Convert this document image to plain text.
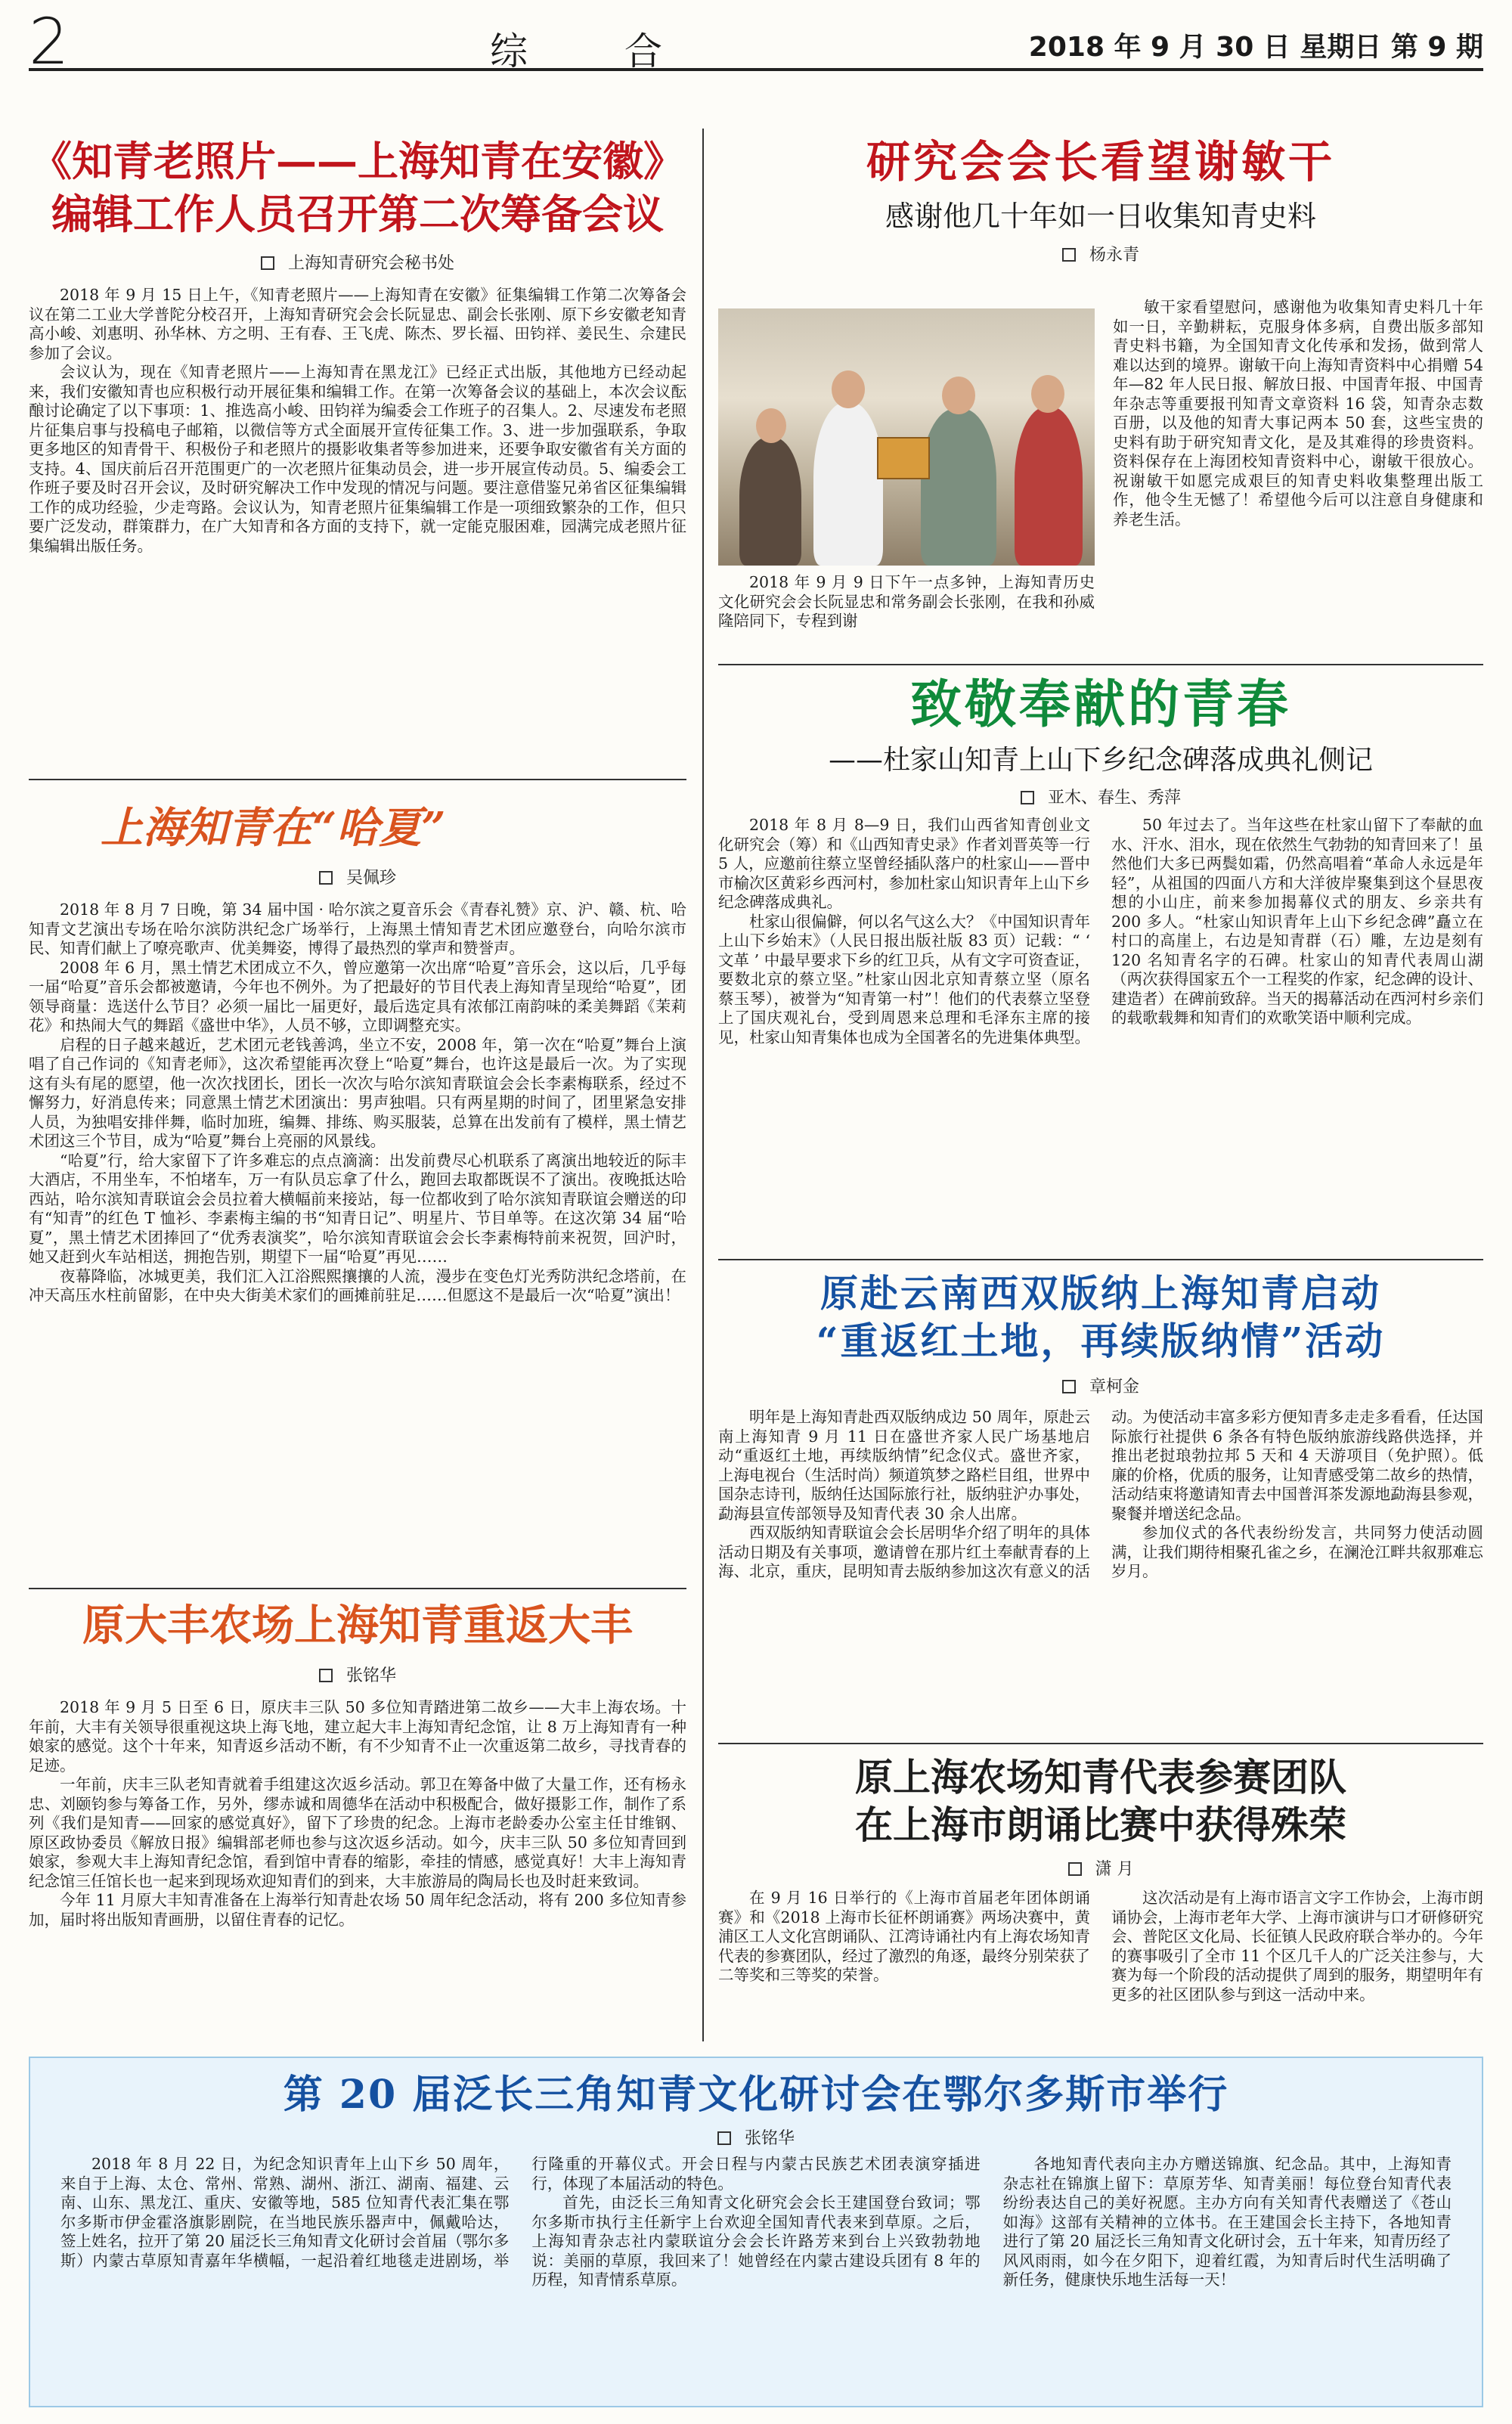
2	综 合	2018 年 9 月 30 日 星期日 第 9 期
《知青老照片——上海知青在安徽》
编辑工作人员召开第二次筹备会议
上海知青研究会秘书处

2018 年 9 月 15 日上午，《知青老照片——上海知青在安徽》征集编辑工作第二次筹备会议在第二工业大学普陀分校召开，上海知青研究会会长阮显忠、副会长张刚、原下乡安徽老知青高小峻、刘惠明、孙华林、方之明、王有春、王飞虎、陈杰、罗长福、田钧祥、姜民生、佘建民参加了会议。

会议认为，现在《知青老照片——上海知青在黑龙江》已经正式出版，其他地方已经动起来，我们安徽知青也应积极行动开展征集和编辑工作。在第一次筹备会议的基础上，本次会议酝酿讨论确定了以下事项：1、推选高小峻、田钧祥为编委会工作班子的召集人。2、尽速发布老照片征集启事与投稿电子邮箱，以微信等方式全面展开宣传征集工作。3、进一步加强联系，争取更多地区的知青骨干、积极份子和老照片的摄影收集者等参加进来，还要争取安徽省有关方面的支持。4、国庆前后召开范围更广的一次老照片征集动员会，进一步开展宣传动员。5、编委会工作班子要及时召开会议，及时研究解决工作中发现的情况与问题。要注意借鉴兄弟省区征集编辑工作的成功经验，少走弯路。会议认为，知青老照片征集编辑工作是一项细致繁杂的工作，但只要广泛发动，群策群力，在广大知青和各方面的支持下，就一定能克服困难，园满完成老照片征集编辑出版任务。

上海知青在“哈夏”
吴佩珍

2018 年 8 月 7 日晚，第 34 届中国 · 哈尔滨之夏音乐会《青春礼赞》京、沪、赣、杭、哈知青文艺演出专场在哈尔滨防洪纪念广场举行，上海黑土情知青艺术团应邀登台，向哈尔滨市民、知青们献上了嘹亮歌声、优美舞姿，博得了最热烈的掌声和赞誉声。

2008 年 6 月，黑土情艺术团成立不久，曾应邀第一次出席“哈夏”音乐会，这以后，几乎每一届“哈夏”音乐会都被邀请，今年也不例外。为了把最好的节目代表上海知青呈现给“哈夏”，团领导商量：选送什么节目？必须一届比一届更好，最后选定具有浓郁江南韵味的柔美舞蹈《茉莉花》和热闹大气的舞蹈《盛世中华》，人员不够，立即调整充实。

启程的日子越来越近，艺术团元老钱善鸿，坐立不安，2008 年，第一次在“哈夏”舞台上演唱了自己作词的《知青老师》，这次希望能再次登上“哈夏”舞台，也许这是最后一次。为了实现这有头有尾的愿望，他一次次找团长，团长一次次与哈尔滨知青联谊会会长李素梅联系，经过不懈努力，好消息传来；同意黑土情艺术团演出：男声独唱。只有两星期的时间了，团里紧急安排人员，为独唱安排伴舞，临时加班，编舞、排练、购买服装，总算在出发前有了模样，黑土情艺术团这三个节目，成为“哈夏”舞台上亮丽的风景线。

“哈夏”行，给大家留下了许多难忘的点点滴滴：出发前费尽心机联系了离演出地较近的际丰大酒店，不用坐车，不怕堵车，万一有队员忘拿了什么，跑回去取都既误不了演出。夜晚抵达哈西站，哈尔滨知青联谊会会员拉着大横幅前来接站，每一位都收到了哈尔滨知青联谊会赠送的印有“知青”的红色 T 恤衫、李素梅主编的书“知青日记”、明星片、节目单等。在这次第 34 届“哈夏”，黑土情艺术团捧回了“优秀表演奖”，哈尔滨知青联谊会会长李素梅特前来祝贺，回沪时，她又赶到火车站相送，拥抱告别，期望下一届“哈夏”再见……

夜幕降临，冰城更美，我们汇入江浴熙熙攘攘的人流，漫步在变色灯光秀防洪纪念塔前，在冲天高压水柱前留影，在中央大街美术家们的画摊前驻足……但愿这不是最后一次“哈夏”演出！

原大丰农场上海知青重返大丰
张铭华

2018 年 9 月 5 日至 6 日，原庆丰三队 50 多位知青踏进第二故乡——大丰上海农场。十年前，大丰有关领导很重视这块上海飞地，建立起大丰上海知青纪念馆，让 8 万上海知青有一种娘家的感觉。这个十年来，知青返乡活动不断，有不少知青不止一次重返第二故乡，寻找青春的足迹。

一年前，庆丰三队老知青就着手组建这次返乡活动。郭卫在筹备中做了大量工作，还有杨永忠、刘颐钧参与筹备工作，另外，缪赤诚和周德华在活动中积极配合，做好摄影工作，制作了系列《我们是知青——回家的感觉真好》，留下了珍贵的纪念。上海市老龄委办公室主任甘维钢、原区政协委员《解放日报》编辑部老师也参与这次返乡活动。如今，庆丰三队 50 多位知青回到娘家，参观大丰上海知青纪念馆，看到馆中青春的缩影，牵挂的情感，感觉真好！大丰上海知青纪念馆三任馆长也一起来到现场欢迎知青们的到来，大丰旅游局的陶局长也及时赶来致词。

今年 11 月原大丰知青准备在上海举行知青赴农场 50 周年纪念活动，将有 200 多位知青参加，届时将出版知青画册，以留住青春的记忆。

研究会会长看望谢敏干
感谢他几十年如一日收集知青史料
杨永青
2018 年 9 月 9 日下午一点多钟，上海知青历史文化研究会会长阮显忠和常务副会长张刚，在我和孙威隆陪同下，专程到谢
敏干家看望慰问，感谢他为收集知青史料几十年如一日，辛勤耕耘，克服身体多病，自费出版多部知青史料书籍，为全国知青文化传承和发扬，做到常人难以达到的境界。谢敏干向上海知青资料中心捐赠 54 年—82 年人民日报、解放日报、中国青年报、中国青年杂志等重要报刊知青文章资料 16 袋，知青杂志数百册，以及他的知青大事记两本 50 套，这些宝贵的史料有助于研究知青文化，是及其难得的珍贵资料。资料保存在上海团校知青资料中心，谢敏干很放心。祝谢敏干如愿完成艰巨的知青史料收集整理出版工作，他令生无憾了！希望他今后可以注意自身健康和养老生活。
致敬奉献的青春
——杜家山知青上山下乡纪念碑落成典礼侧记
亚木、春生、秀萍

2018 年 8 月 8—9 日，我们山西省知青创业文化研究会（筹）和《山西知青史录》作者刘晋英等一行 5 人，应邀前往蔡立坚曾经插队落户的杜家山——晋中市榆次区黄彩乡西河村，参加杜家山知识青年上山下乡纪念碑落成典礼。

杜家山很偏僻，何以名气这么大？《中国知识青年上山下乡始末》（人民日报出版社版 83 页）记载：“ ‘ 文革 ’ 中最早要求下乡的红卫兵，从有文字可资查证，要数北京的蔡立坚。”杜家山因北京知青蔡立坚（原名蔡玉琴），被誉为“知青第一村”！他们的代表蔡立坚登上了国庆观礼台，受到周恩来总理和毛泽东主席的接见，杜家山知青集体也成为全国著名的先进集体典型。

50 年过去了。当年这些在杜家山留下了奉献的血水、汗水、泪水，现在依然生气勃勃的知青回来了！虽然他们大多已两鬓如霜，仍然高唱着“革命人永远是年轻”，从祖国的四面八方和大洋彼岸聚集到这个昼思夜想的小山庄，前来参加揭幕仪式的朋友、乡亲共有 200 多人。“杜家山知识青年上山下乡纪念碑”矗立在村口的高崖上，右边是知青群（石）雕，左边是刻有 120 名知青名字的石碑。杜家山的知青代表周山湖（两次获得国家五个一工程奖的作家，纪念碑的设计、建造者）在碑前致辞。当天的揭幕活动在西河村乡亲们的载歌载舞和知青们的欢歌笑语中顺利完成。

原赴云南西双版纳上海知青启动
“重返红土地，再续版纳情”活动
章柯金

明年是上海知青赴西双版纳成边 50 周年，原赴云南上海知青 9 月 11 日在盛世齐家人民广场基地启动“重返红土地，再续版纳情”纪念仪式。盛世齐家，上海电视台（生活时尚）频道筑梦之路栏目组，世界中国杂志诗刊，版纳任达国际旅行社，版纳驻沪办事处，勐海县宣传部领导及知青代表 30 余人出席。

西双版纳知青联谊会会长居明华介绍了明年的具体活动日期及有关事项，邀请曾在那片红土奉献青春的上海、北京，重庆，昆明知青去版纳参加这次有意义的活动。为使活动丰富多彩方便知青多走走多看看，任达国际旅行社提供 6 条各有特色版纳旅游线路供选择，并推出老挝琅勃拉邦 5 天和 4 天游项目（免护照）。低廉的价格，优质的服务，让知青感受第二故乡的热情，活动结束将邀请知青去中国普洱茶发源地勐海县参观，聚餐并增送纪念品。

参加仪式的各代表纷纷发言，共同努力使活动圆满，让我们期待相聚孔雀之乡，在澜沧江畔共叙那难忘岁月。

原上海农场知青代表参赛团队
在上海市朗诵比赛中获得殊荣
潇 月

在 9 月 16 日举行的《上海市首届老年团体朗诵赛》和《2018 上海市长征杯朗诵赛》两场决赛中，黄浦区工人文化宫朗诵队、江湾诗诵社内有上海农场知青代表的参赛团队，经过了激烈的角逐，最终分别荣获了二等奖和三等奖的荣誉。

这次活动是有上海市语言文字工作协会，上海市朗诵协会，上海市老年大学、上海市演讲与口才研修研究会、普陀区文化局、长征镇人民政府联合举办的。今年的赛事吸引了全市 11 个区几千人的广泛关注参与，大赛为每一个阶段的活动提供了周到的服务，期望明年有更多的社区团队参与到这一活动中来。

第 20 届泛长三角知青文化研讨会在鄂尔多斯市举行
张铭华

2018 年 8 月 22 日，为纪念知识青年上山下乡 50 周年，来自于上海、太仓、常州、常熟、湖州、浙江、湖南、福建、云南、山东、黑龙江、重庆、安徽等地，585 位知青代表汇集在鄂尔多斯市伊金霍洛旗影剧院，在当地民族乐器声中，佩戴哈达，签上姓名，拉开了第 20 届泛长三角知青文化研讨会首届（鄂尔多斯）内蒙古草原知青嘉年华横幅，一起沿着红地毯走进剧场，举行隆重的开幕仪式。开会日程与内蒙古民族艺术团表演穿插进行，体现了本届活动的特色。

首先，由泛长三角知青文化研究会会长王建国登台致词；鄂尔多斯市执行主任新宇上台欢迎全国知青代表来到草原。之后，上海知青杂志社内蒙联谊分会会长许路芳来到台上兴致勃勃地说：美丽的草原，我回来了！她曾经在内蒙古建设兵团有 8 年的历程，知青情系草原。

各地知青代表向主办方赠送锦旗、纪念品。其中，上海知青杂志社在锦旗上留下：草原芳华、知青美丽！每位登台知青代表纷纷表达自己的美好祝愿。主办方向有关知青代表赠送了《苍山如海》这部有关精神的立体书。在王建国会长主持下，各地知青进行了第 20 届泛长三角知青文化研讨会，五十年来，知青历经了风风雨雨，如今在夕阳下，迎着红霞，为知青后时代生活明确了新任务，健康快乐地生活每一天！
